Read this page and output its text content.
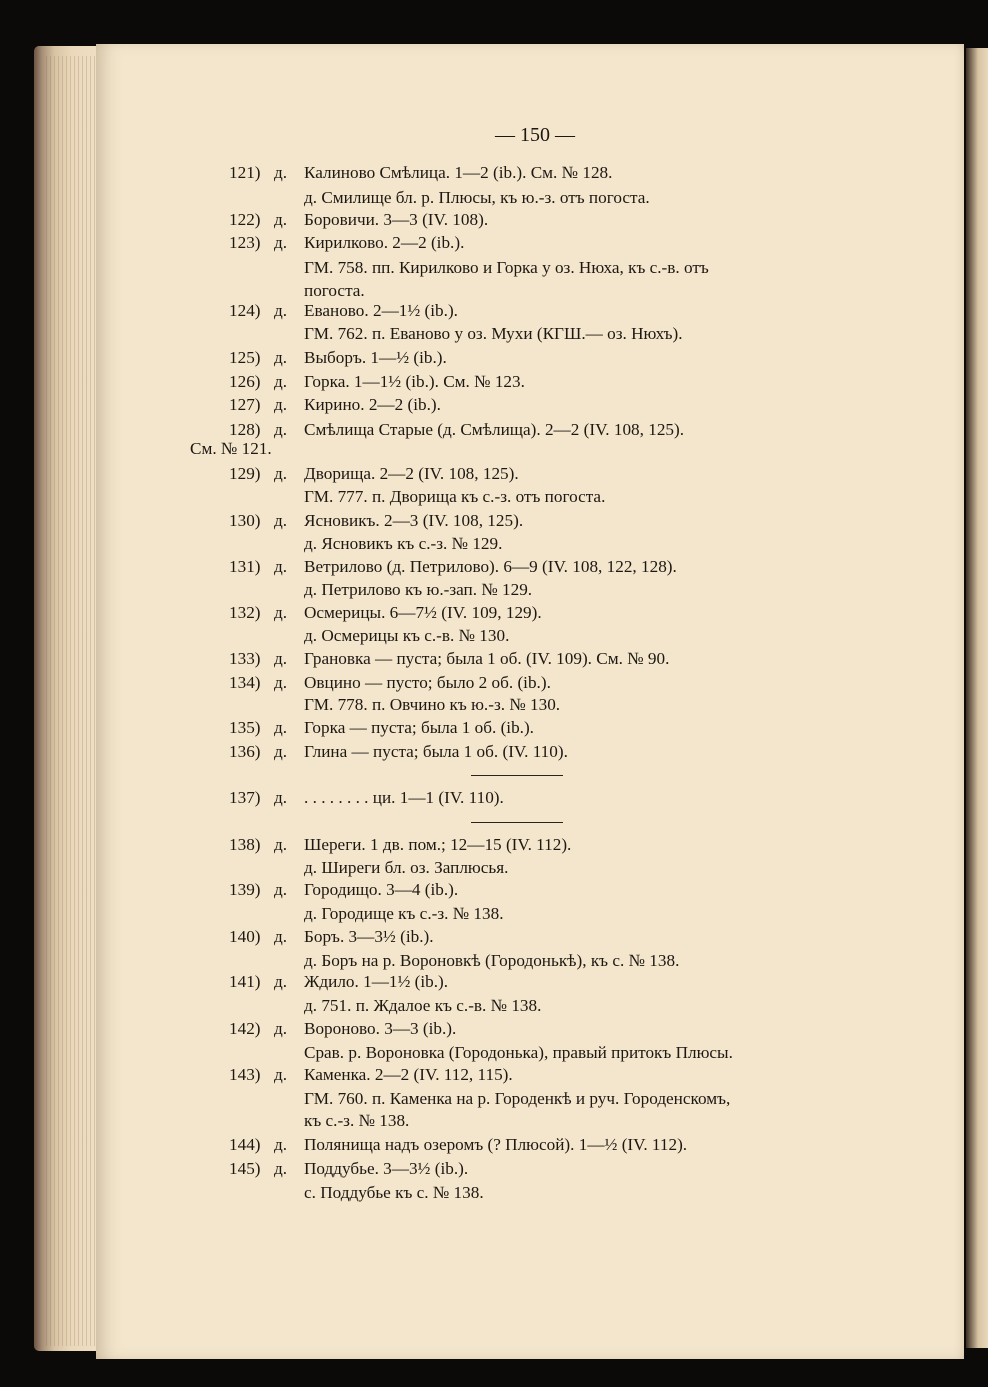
— 150 —
121) д. Калиново Смѣлица. 1—2 (ib.). См. № 128.
д. Смилище бл. р. Плюсы, къ ю.-з. отъ погоста.
122) д. Боровичи. 3—3 (IV. 108).
123) д. Кирилково. 2—2 (ib.).
ГМ. 758. пп. Кирилково и Горка у оз. Нюха, къ с.-в. отъ
погоста.
124) д. Еваново. 2—1½ (ib.).
ГМ. 762. п. Еваново у оз. Мухи (КГШ.— оз. Нюхъ).
125) д. Выборъ. 1—½ (ib.).
126) д. Горка. 1—1½ (ib.). См. № 123.
127) д. Кирино. 2—2 (ib.).
128) д. Смѣлища Старые (д. Смѣлища). 2—2 (IV. 108, 125).
См. № 121.
129) д. Дворища. 2—2 (IV. 108, 125).
ГМ. 777. п. Дворища къ с.-з. отъ погоста.
130) д. Ясновикъ. 2—3 (IV. 108, 125).
д. Ясновикъ къ с.-з. № 129.
131) д. Ветрилово (д. Петрилово). 6—9 (IV. 108, 122, 128).
д. Петрилово къ ю.-зап. № 129.
132) д. Осмерицы. 6—7½ (IV. 109, 129).
д. Осмерицы къ с.-в. № 130.
133) д. Грановка — пуста; была 1 об. (IV. 109). См. № 90.
134) д. Овцино — пусто; было 2 об. (ib.).
ГМ. 778. п. Овчино къ ю.-з. № 130.
135) д. Горка — пуста; была 1 об. (ib.).
136) д. Глина — пуста; была 1 об. (IV. 110).
137) д. . . . . . . . . ци. 1—1 (IV. 110).
138) д. Шереги. 1 дв. пом.; 12—15 (IV. 112).
д. Ширеги бл. оз. Заплюсья.
139) д. Городищо. 3—4 (ib.).
д. Городище къ с.-з. № 138.
140) д. Боръ. 3—3½ (ib.).
д. Боръ на р. Вороновкѣ (Городонькѣ), къ с. № 138.
141) д. Ждило. 1—1½ (ib.).
д. 751. п. Ждалое къ с.-в. № 138.
142) д. Вороново. 3—3 (ib.).
Срав. р. Вороновка (Городонька), правый притокъ Плюсы.
143) д. Каменка. 2—2 (IV. 112, 115).
ГМ. 760. п. Каменка на р. Городенкѣ и руч. Городенскомъ,
къ с.-з. № 138.
144) д. Полянища надъ озеромъ (? Плюсой). 1—½ (IV. 112).
145) д. Поддубье. 3—3½ (ib.).
с. Поддубье къ с. № 138.
